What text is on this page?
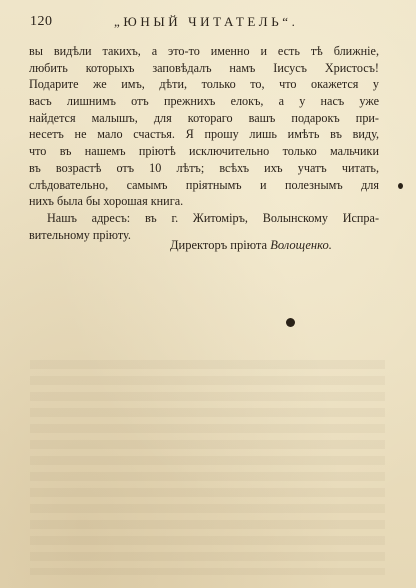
120	„ЮНЫЙ ЧИТАТЕЛЬ“.
вы видѣли такихъ, а это-то именно и есть тѣ ближніе,
любить которыхъ заповѣдалъ намъ Іисусъ Христосъ!
Подарите же имъ, дѣти, только то, что окажется у
васъ лишнимъ отъ прежнихъ елокъ, а у насъ уже
найдется малышъ, для котораго вашъ подарокъ при-
несетъ не мало счастья. Я прошу лишь имѣть въ виду,
что въ нашемъ пріютѣ исключительно только мальчики
въ возрастѣ отъ 10 лѣтъ; всѣхъ ихъ учатъ читать,
слѣдовательно, самымъ пріятнымъ и полезнымъ для
нихъ была бы хорошая книга.
Нашъ адресъ: въ г. Житоміръ, Волынскому Испра-
вительному пріюту.
Директоръ пріюта Волощенко.
